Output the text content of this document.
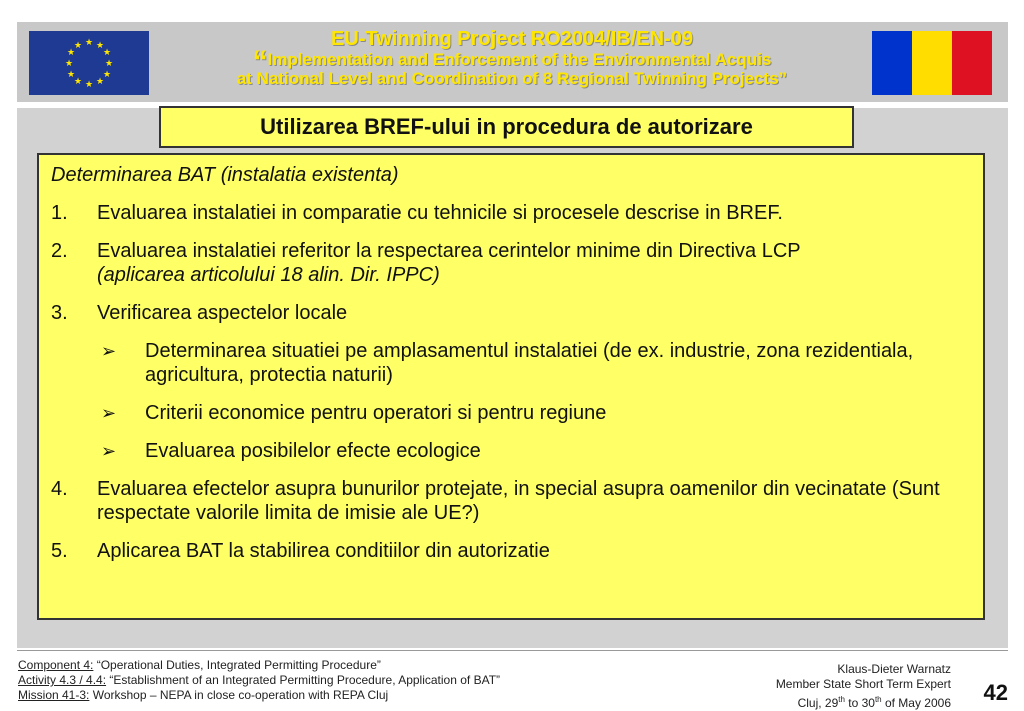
★ ★
★
★
★
★
★
★
★
★
★
★	EU-Twinning Project RO2004/IB/EN-09
“Implementation and Enforcement of the Environmental Acquis
at National Level and Coordination of 8 Regional Twinning Projects”
Utilizarea BREF-ului in procedura de autorizare
Determinarea BAT (instalatia existenta)
1.	Evaluarea instalatiei in comparatie cu tehnicile si procesele descrise in BREF.
2.	Evaluarea instalatiei referitor la respectarea cerintelor minime din Directiva LCP
(aplicarea articolului 18 alin. Dir. IPPC)
3.	Verificarea aspectelor locale
➢	Determinarea situatiei pe amplasamentul instalatiei (de ex. industrie, zona rezidentiala, agricultura, protectia naturii)
➢	Criterii economice pentru operatori si pentru regiune
➢	Evaluarea posibilelor efecte ecologice
4.	Evaluarea efectelor asupra bunurilor protejate, in special asupra oamenilor din vecinatate (Sunt respectate valorile limita de imisie ale UE?)
5.	Aplicarea BAT la stabilirea conditiilor din autorizatie
Component 4: “Operational Duties, Integrated Permitting Procedure”
Activity 4.3 / 4.4: “Establishment of an Integrated Permitting Procedure, Application of BAT”
Mission 41-3: Workshop – NEPA in close co-operation with REPA Cluj
Klaus-Dieter Warnatz
Member State Short Term Expert
Cluj, 29th to 30th of May 2006 42
